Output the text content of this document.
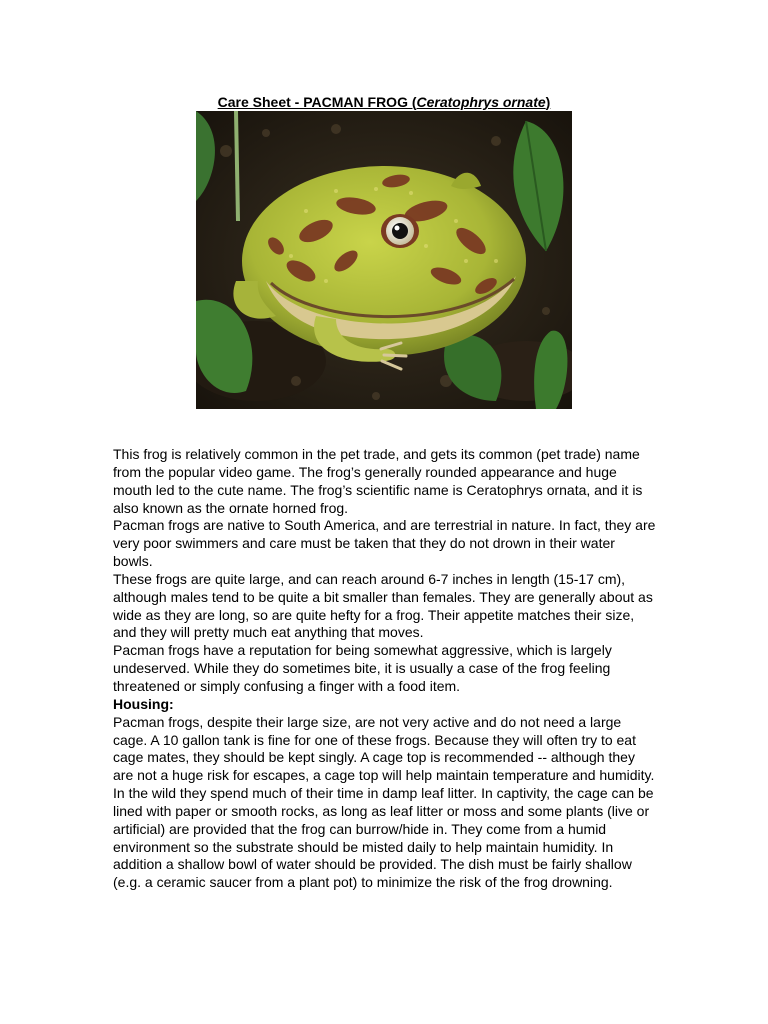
Care Sheet - PACMAN FROG (Ceratophrys ornate)

This frog is relatively common in the pet trade, and gets its common (pet trade) name from the popular video game. The frog’s generally rounded appearance and huge mouth led to the cute name. The frog’s scientific name is Ceratophrys ornata, and it is also known as the ornate horned frog.

Pacman frogs are native to South America, and are terrestrial in nature. In fact, they are very poor swimmers and care must be taken that they do not drown in their water bowls.

These frogs are quite large, and can reach around 6-7 inches in length (15-17 cm), although males tend to be quite a bit smaller than females. They are generally about as wide as they are long, so are quite hefty for a frog. Their appetite matches their size, and they will pretty much eat anything that moves.

Pacman frogs have a reputation for being somewhat aggressive, which is largely undeserved. While they do sometimes bite, it is usually a case of the frog feeling threatened or simply confusing a finger with a food item.

Housing:

Pacman frogs, despite their large size, are not very active and do not need a large cage. A 10 gallon tank is fine for one of these frogs. Because they will often try to eat cage mates, they should be kept singly. A cage top is recommended -- although they are not a huge risk for escapes, a cage top will help maintain temperature and humidity.

In the wild they spend much of their time in damp leaf litter. In captivity, the cage can be lined with paper or smooth rocks, as long as leaf litter or moss and some plants (live or artificial) are provided that the frog can burrow/hide in. They come from a humid environment so the substrate should be misted daily to help maintain humidity. In addition a shallow bowl of water should be provided. The dish must be fairly shallow (e.g. a ceramic saucer from a plant pot) to minimize the risk of the frog drowning.
